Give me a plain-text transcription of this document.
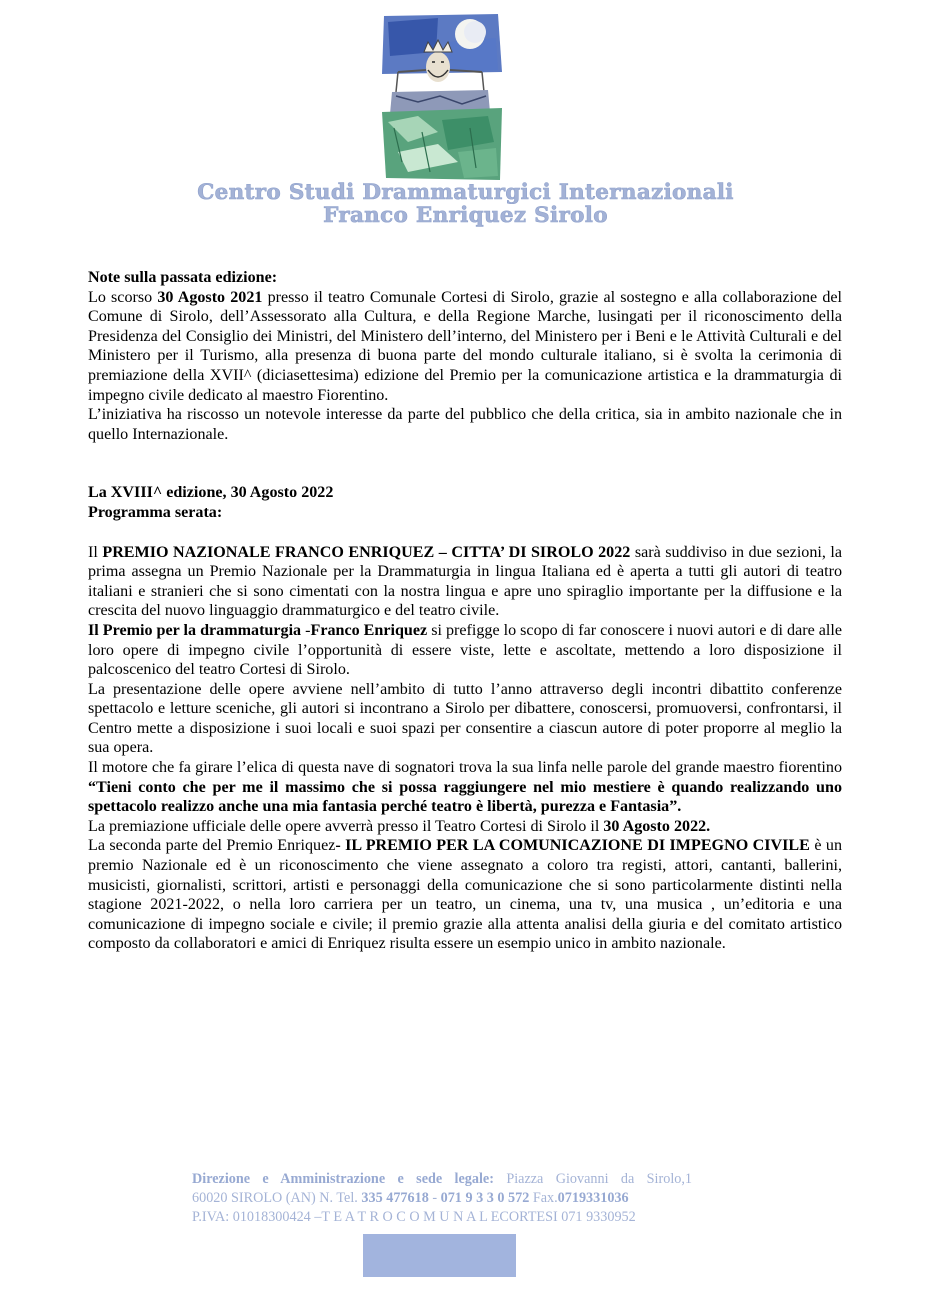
Centro Studi Drammaturgici Internazionali
Franco Enriquez Sirolo

Note sulla passata edizione:

Lo scorso 30 Agosto 2021 presso il teatro Comunale Cortesi di Sirolo, grazie al sostegno e alla collaborazione del Comune di Sirolo, dell’Assessorato alla Cultura, e della Regione Marche, lusingati per il riconoscimento della Presidenza del Consiglio dei Ministri, del Ministero dell’interno, del Ministero per i Beni e le Attività Culturali e del Ministero per il Turismo, alla presenza di buona parte del mondo culturale italiano, si è svolta la cerimonia di premiazione della XVII^ (diciasettesima) edizione del Premio per la comunicazione artistica e la drammaturgia di impegno civile dedicato al maestro Fiorentino.

L’iniziativa ha riscosso un notevole interesse da parte del pubblico che della critica, sia in ambito nazionale che in quello Internazionale.

La XVIII^ edizione, 30 Agosto 2022

Programma serata:

Il PREMIO NAZIONALE FRANCO ENRIQUEZ – CITTA’ DI SIROLO 2022 sarà suddiviso in due sezioni, la prima assegna un Premio Nazionale per la Drammaturgia in lingua Italiana ed è aperta a tutti gli autori di teatro italiani e stranieri che si sono cimentati con la nostra lingua e apre uno spiraglio importante per la diffusione e la crescita del nuovo linguaggio drammaturgico e del teatro civile.

Il Premio per la drammaturgia -Franco Enriquez si prefigge lo scopo di far conoscere i nuovi autori e di dare alle loro opere di impegno civile l’opportunità di essere viste, lette e ascoltate, mettendo a loro disposizione il palcoscenico del teatro Cortesi di Sirolo.

La presentazione delle opere avviene nell’ambito di tutto l’anno attraverso degli incontri dibattito conferenze spettacolo e letture sceniche, gli autori si incontrano a Sirolo per dibattere, conoscersi, promuoversi, confrontarsi, il Centro mette a disposizione i suoi locali e suoi spazi per consentire a ciascun autore di poter proporre al meglio la sua opera.

Il motore che fa girare l’elica di questa nave di sognatori trova la sua linfa nelle parole del grande maestro fiorentino “Tieni conto che per me il massimo che si possa raggiungere nel mio mestiere è quando realizzando uno spettacolo realizzo anche una mia fantasia perché teatro è libertà, purezza e Fantasia”.

La premiazione ufficiale delle opere avverrà presso il Teatro Cortesi di Sirolo il 30 Agosto 2022.

La seconda parte del Premio Enriquez- IL PREMIO PER LA COMUNICAZIONE DI IMPEGNO CIVILE è un premio Nazionale ed è un riconoscimento che viene assegnato a coloro tra registi, attori, cantanti, ballerini, musicisti, giornalisti, scrittori, artisti e personaggi della comunicazione che si sono particolarmente distinti nella stagione 2021-2022, o nella loro carriera per un teatro, un cinema, una tv, una musica , un’editoria e una comunicazione di impegno sociale e civile; il premio grazie alla attenta analisi della giuria e del comitato artistico composto da collaboratori e amici di Enriquez risulta essere un esempio unico in ambito nazionale.

Direzione e Amministrazione e sede legale: Piazza Giovanni da Sirolo,1

60020 SIROLO (AN) N. Tel. 335 477618 - 071 9 3 3 0 572 Fax.0719331036

P.IVA: 01018300424 –T E A T R O C O M U N A L ECORTESI 071 9330952
